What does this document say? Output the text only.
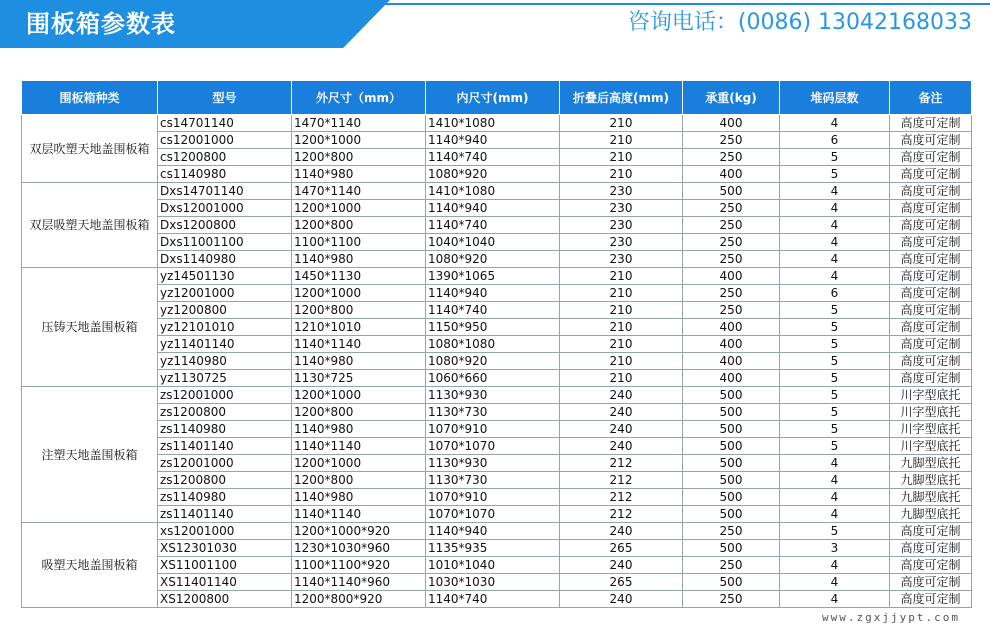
围板箱参数表	咨询电话：(0086) 13042168033
围板箱种类	型号	外尺寸（mm）	内尺寸(mm)	折叠后高度(mm)	承重(kg)	堆码层数	备注
双层吹塑天地盖围板箱	cs14701140	1470*1140	1410*1080	210	400	4	高度可定制
	cs12001000	1200*1000	1140*940	210	250	6	高度可定制
	cs1200800	1200*800	1140*740	210	250	5	高度可定制
	cs1140980	1140*980	1080*920	210	400	5	高度可定制
双层吸塑天地盖围板箱	Dxs14701140	1470*1140	1410*1080	230	500	4	高度可定制
	Dxs12001000	1200*1000	1140*940	230	250	4	高度可定制
	Dxs1200800	1200*800	1140*740	230	250	4	高度可定制
	Dxs11001100	1100*1100	1040*1040	230	250	4	高度可定制
	Dxs1140980	1140*980	1080*920	230	250	4	高度可定制
压铸天地盖围板箱	yz14501130	1450*1130	1390*1065	210	400	4	高度可定制
	yz12001000	1200*1000	1140*940	210	250	6	高度可定制
	yz1200800	1200*800	1140*740	210	250	5	高度可定制
	yz12101010	1210*1010	1150*950	210	400	5	高度可定制
	yz11401140	1140*1140	1080*1080	210	400	5	高度可定制
	yz1140980	1140*980	1080*920	210	400	5	高度可定制
	yz1130725	1130*725	1060*660	210	400	5	高度可定制
注塑天地盖围板箱	zs12001000	1200*1000	1130*930	240	500	5	川字型底托
	zs1200800	1200*800	1130*730	240	500	5	川字型底托
	zs1140980	1140*980	1070*910	240	500	5	川字型底托
	zs11401140	1140*1140	1070*1070	240	500	5	川字型底托
	zs12001000	1200*1000	1130*930	212	500	4	九脚型底托
	zs1200800	1200*800	1130*730	212	500	4	九脚型底托
	zs1140980	1140*980	1070*910	212	500	4	九脚型底托
	zs11401140	1140*1140	1070*1070	212	500	4	九脚型底托
吸塑天地盖围板箱	xs12001000	1200*1000*920	1140*940	240	250	5	高度可定制
	XS12301030	1230*1030*960	1135*935	265	500	3	高度可定制
	XS11001100	1100*1100*920	1010*1040	240	250	4	高度可定制
	XS11401140	1140*1140*960	1030*1030	265	500	4	高度可定制
	XS1200800	1200*800*920	1140*740	240	250	4	高度可定制
www.zgxjjypt.com
